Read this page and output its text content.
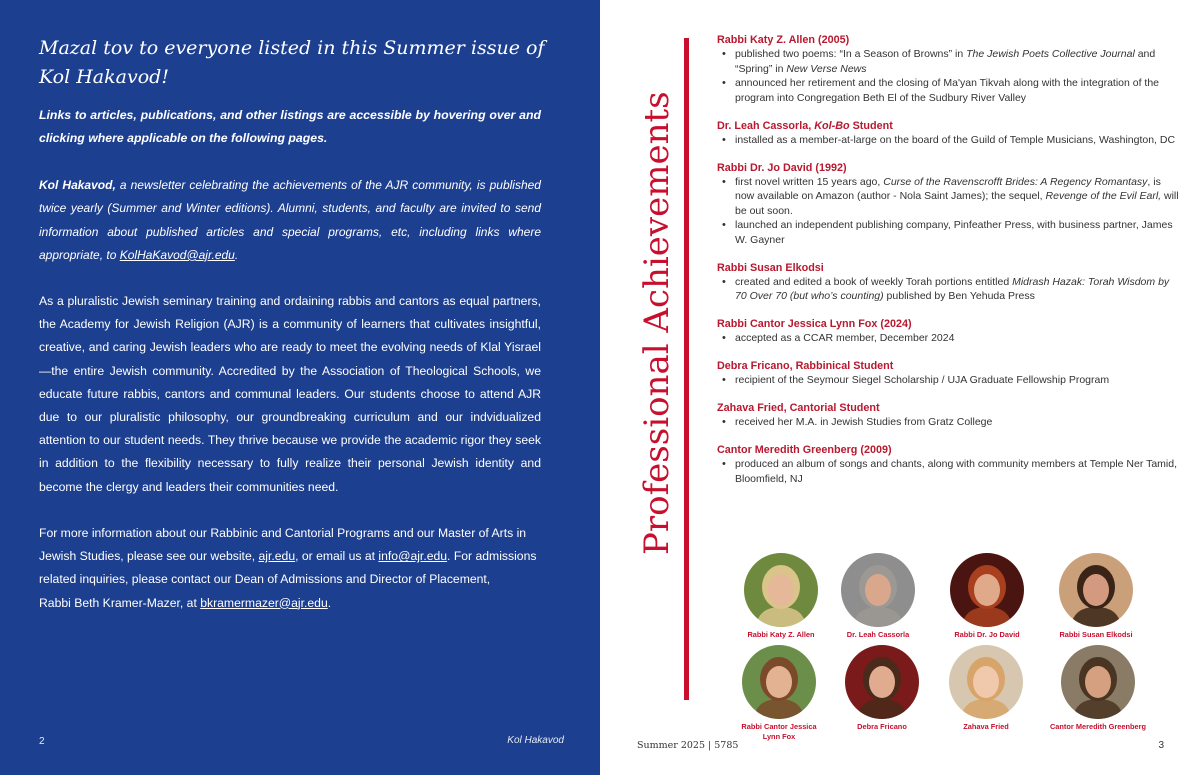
Mazal tov to everyone listed in this Summer issue of Kol Hakavod!
Links to articles, publications, and other listings are accessible by hovering over and clicking where applicable on the following pages.
Kol Hakavod, a newsletter celebrating the achievements of the AJR community, is published twice yearly (Summer and Winter editions). Alumni, students, and faculty are invited to send information about published articles and special programs, etc, including links where appropriate, to KolHaKavod@ajr.edu.
As a pluralistic Jewish seminary training and ordaining rabbis and cantors as equal partners, the Academy for Jewish Religion (AJR) is a community of learners that cultivates insightful, creative, and caring Jewish leaders who are ready to meet the evolving needs of Klal Yisrael —the entire Jewish community. Accredited by the Association of Theological Schools, we educate future rabbis, cantors and communal leaders. Our students choose to attend AJR due to our pluralistic philosophy, our groundbreaking curriculum and our indvidualized attention to our student needs. They thrive because we provide the academic rigor they seek in addition to the flexibility necessary to fully realize their personal Jewish identity and become the clergy and leaders their communities need.
For more information about our Rabbinic and Cantorial Programs and our Master of Arts in Jewish Studies, please see our website, ajr.edu, or email us at info@ajr.edu. For admissions related inquiries, please contact our Dean of Admissions and Director of Placement,
Rabbi Beth Kramer-Mazer, at bkramermazer@ajr.edu.
2	Kol Hakavod
Professional Achievements
Rabbi Katy Z. Allen (2005)
• published two poems: “In a Season of Browns” in The Jewish Poets Collective Journal and “Spring” in New Verse News
• announced her retirement and the closing of Ma'yan Tikvah along with the integration of the program into Congregation Beth El of the Sudbury River Valley
Dr. Leah Cassorla, Kol-Bo Student
• installed as a member-at-large on the board of the Guild of Temple Musicians, Washington, DC
Rabbi Dr. Jo David (1992)
• first novel written 15 years ago, Curse of the Ravenscrofft Brides: A Regency Romantasy, is now available on Amazon (author - Nola Saint James); the sequel, Revenge of the Evil Earl, will be out soon.
• launched an independent publishing company, Pinfeather Press, with business partner, James W. Gayner
Rabbi Susan Elkodsi
• created and edited a book of weekly Torah portions entitled Midrash Hazak: Torah Wisdom by 70 Over 70 (but who’s counting) published by Ben Yehuda Press
Rabbi Cantor Jessica Lynn Fox (2024)
• accepted as a CCAR member, December 2024
Debra Fricano, Rabbinical Student
• recipient of the Seymour Siegel Scholarship / UJA Graduate Fellowship Program
Zahava Fried, Cantorial Student
• received her M.A. in Jewish Studies from Gratz College
Cantor Meredith Greenberg (2009)
• produced an album of songs and chants, along with community members at Temple Ner Tamid, Bloomfield, NJ
Rabbi Katy Z. Allen	Dr. Leah Cassorla	Rabbi Dr. Jo David	Rabbi Susan Elkodsi
Rabbi Cantor Jessica Lynn Fox
Debra Fricano	Zahava Fried	Cantor Meredith Greenberg
Summer 2025 | 5785	3
